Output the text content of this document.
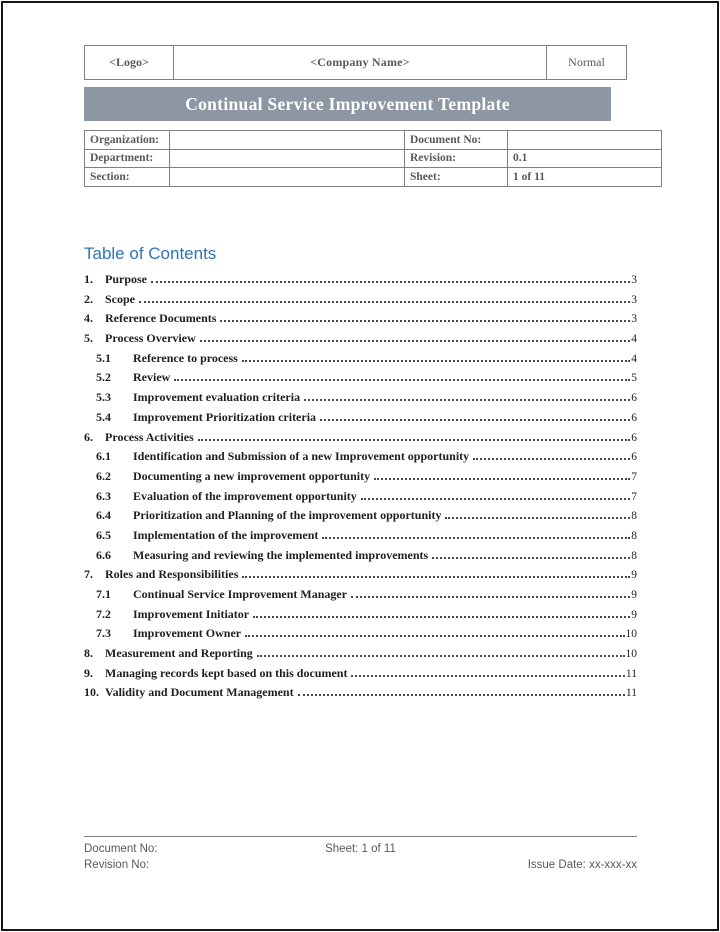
<Logo>	<Company Name>	Normal
Continual Service Improvement Template
Organization:		Document No:	
Department:		Revision:	0.1
Section:		Sheet:	1 of 11
Table of Contents
1.	Purpose	3
2.	Scope	3
4.	Reference Documents	3
5.	Process Overview	4
5.1	Reference to process	4
5.2	Review	5
5.3	Improvement evaluation criteria	6
5.4	Improvement Prioritization criteria	6
6.	Process Activities	6
6.1	Identification and Submission of a new Improvement opportunity	6
6.2	Documenting a new improvement opportunity	7
6.3	Evaluation of the improvement opportunity	7
6.4	Prioritization and Planning of the improvement opportunity	8
6.5	Implementation of the improvement	8
6.6	Measuring and reviewing the implemented improvements	8
7.	Roles and Responsibilities	9
7.1	Continual Service Improvement Manager	9
7.2	Improvement Initiator	9
7.3	Improvement Owner	10
8.	Measurement and Reporting	10
9.	Managing records kept based on this document	11
10. Validity and Document Management	11
Document No:	Sheet: 1 of 11
Revision No:	Issue Date: xx-xxx-xx
